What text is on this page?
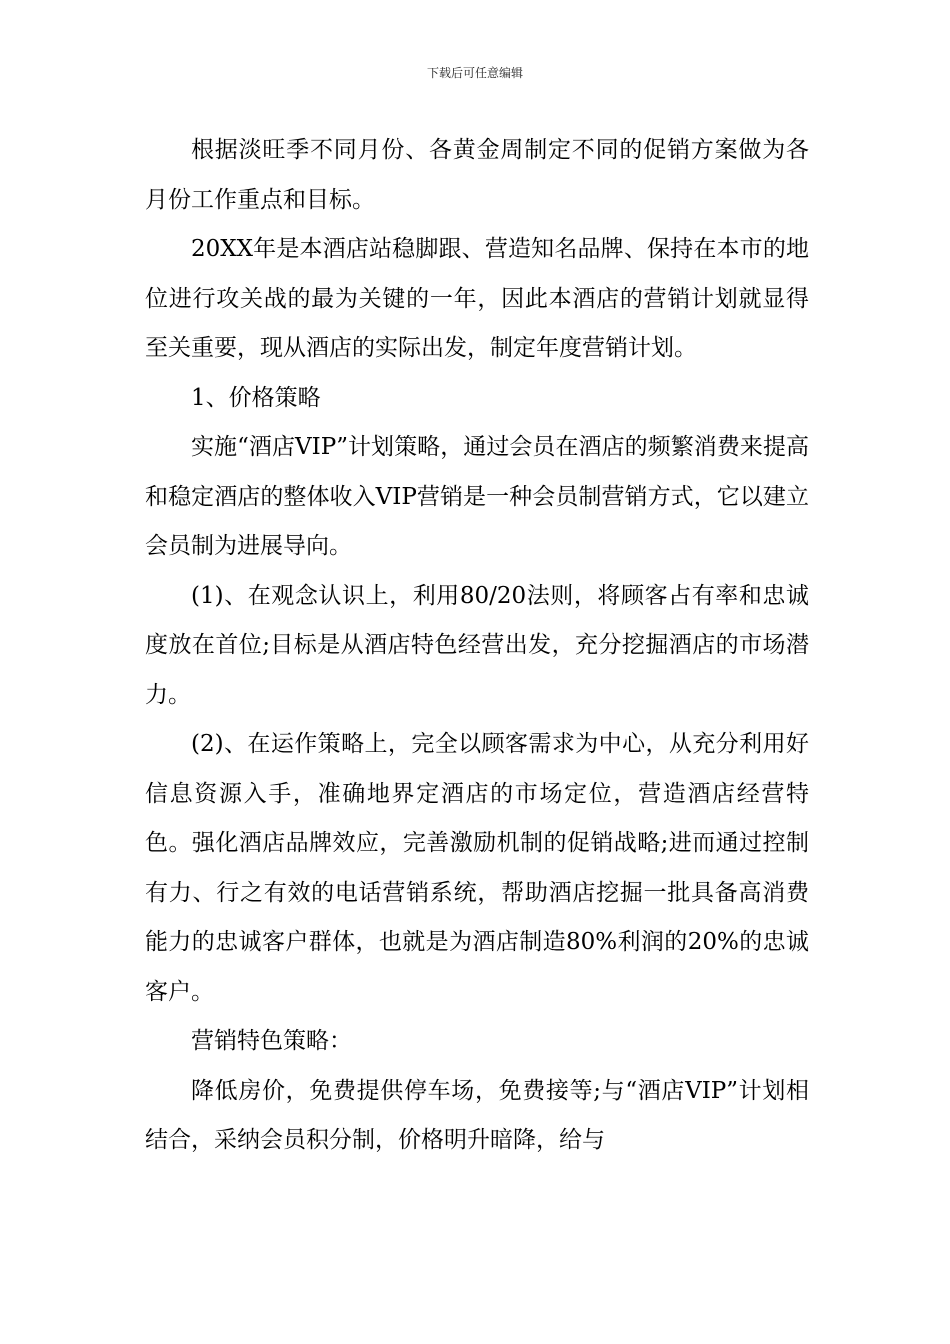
下载后可任意编辑

根据淡旺季不同月份、各黄金周制定不同的促销方案做为各月份工作重点和目标。

20XX年是本酒店站稳脚跟、营造知名品牌、保持在本市的地位进行攻关战的最为关键的一年，因此本酒店的营销计划就显得至关重要，现从酒店的实际出发，制定年度营销计划。

1、价格策略

实施“酒店VIP”计划策略，通过会员在酒店的频繁消费来提高和稳定酒店的整体收入VIP营销是一种会员制营销方式，它以建立会员制为进展导向。

(1)、在观念认识上，利用80/20法则，将顾客占有率和忠诚度放在首位;目标是从酒店特色经营出发，充分挖掘酒店的市场潜力。

(2)、在运作策略上，完全以顾客需求为中心，从充分利用好信息资源入手，准确地界定酒店的市场定位，营造酒店经营特色。强化酒店品牌效应，完善激励机制的促销战略;进而通过控制有力、行之有效的电话营销系统，帮助酒店挖掘一批具备高消费能力的忠诚客户群体，也就是为酒店制造80%利润的20%的忠诚客户。

营销特色策略：

降低房价，免费提供停车场，免费接等;与“酒店VIP”计划相结合，采纳会员积分制，价格明升暗降，给与
